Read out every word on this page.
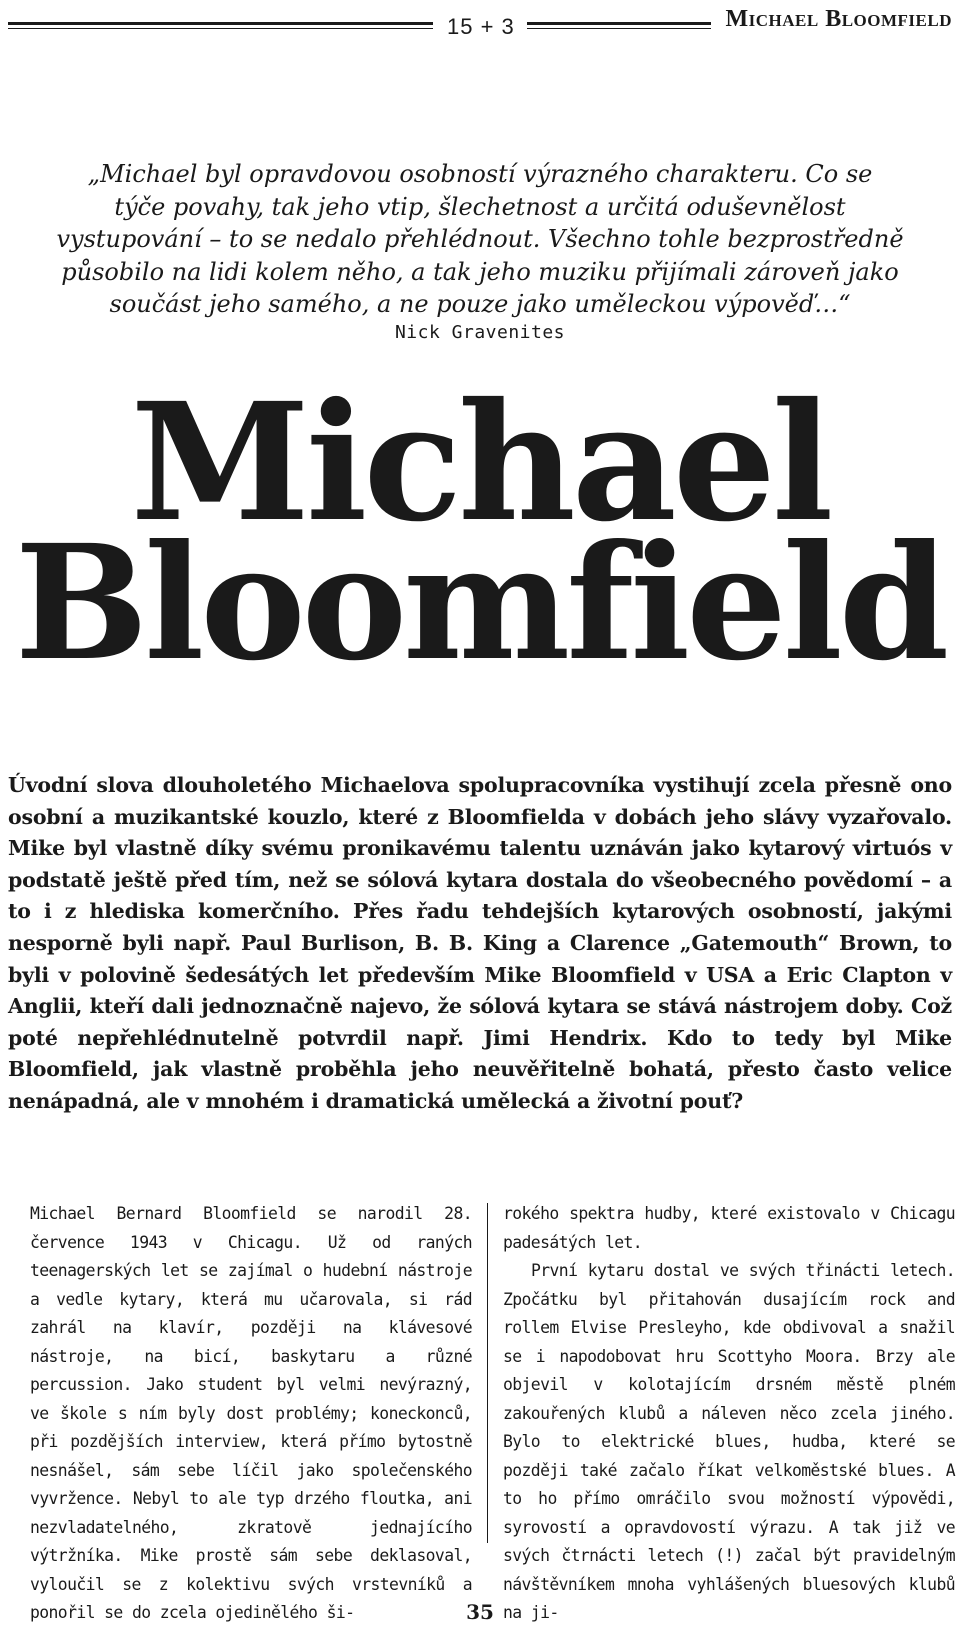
15 + 3	Michael Bloomfield
„Michael byl opravdovou osobností výrazného charakteru. Co se
týče povahy, tak jeho vtip, šlechetnost a určitá oduševnělost
vystupování – to se nedalo přehlédnout. Všechno tohle bezprostředně
působilo na lidi kolem něho, a tak jeho muziku přijímali zároveň jako
součást jeho samého, a ne pouze jako uměleckou výpověď…“
Nick Gravenites
Michael
Bloomfield
Úvodní slova dlouholetého Michaelova spolupracovníka vystihují zcela přesně ono osobní a muzikantské kouzlo, které z Bloomfielda v dobách jeho slávy vyzařovalo. Mike byl vlastně díky svému pronikavému talentu uznáván jako kytarový virtuós v podstatě ještě před tím, než se sólová kytara dostala do všeobecného povědomí – a to i z hlediska komerčního. Přes řadu tehdejších kytarových osobností, jakými nesporně byli např. Paul Burlison, B. B. King a Clarence „Gatemouth“ Brown, to byli v polovině šedesátých let především Mike Bloomfield v USA a Eric Clapton v Anglii, kteří dali jednoznačně najevo, že sólová kytara se stává nástrojem doby. Což poté nepřehlédnutelně potvrdil např. Jimi Hendrix. Kdo to tedy byl Mike Bloomfield, jak vlastně proběhla jeho neuvěřitelně bohatá, přesto často velice nenápadná, ale v mnohém i dramatická umělecká a životní pouť?

Michael Bernard Bloomfield se narodil 28. července 1943 v Chicagu. Už od raných teenagerských let se zajímal o hudební nástroje a vedle kytary, která mu učarovala, si rád zahrál na klavír, později na klávesové nástroje, na bicí, baskytaru a různé percussion. Jako student byl velmi nevýrazný, ve škole s ním byly dost problémy; koneckonců, při pozdějších interview, která přímo bytostně nesnášel, sám sebe líčil jako společenského vyvržence. Nebyl to ale typ drzého floutka, ani nezvladatelného, zkratově jednajícího výtržníka. Mike prostě sám sebe deklasoval, vyloučil se z kolektivu svých vrstevníků a ponořil se do zcela ojedinělého ši-

rokého spektra hudby, které existovalo v Chicagu padesátých let.

První kytaru dostal ve svých třinácti letech. Zpočátku byl přitahován dusajícím rock and rollem Elvise Presleyho, kde obdivoval a snažil se i napodobovat hru Scottyho Moora. Brzy ale objevil v kolotajícím drsném městě plném zakouřených klubů a náleven něco zcela jiného. Bylo to elektrické blues, hudba, které se později také začalo říkat velkoměstské blues. A to ho přímo omráčilo svou možností výpovědi, syrovostí a opravdovostí výrazu. A tak již ve svých čtrnácti letech (!) začal být pravidelným návštěvníkem mnoha vyhlášených bluesových klubů na ji-

35
